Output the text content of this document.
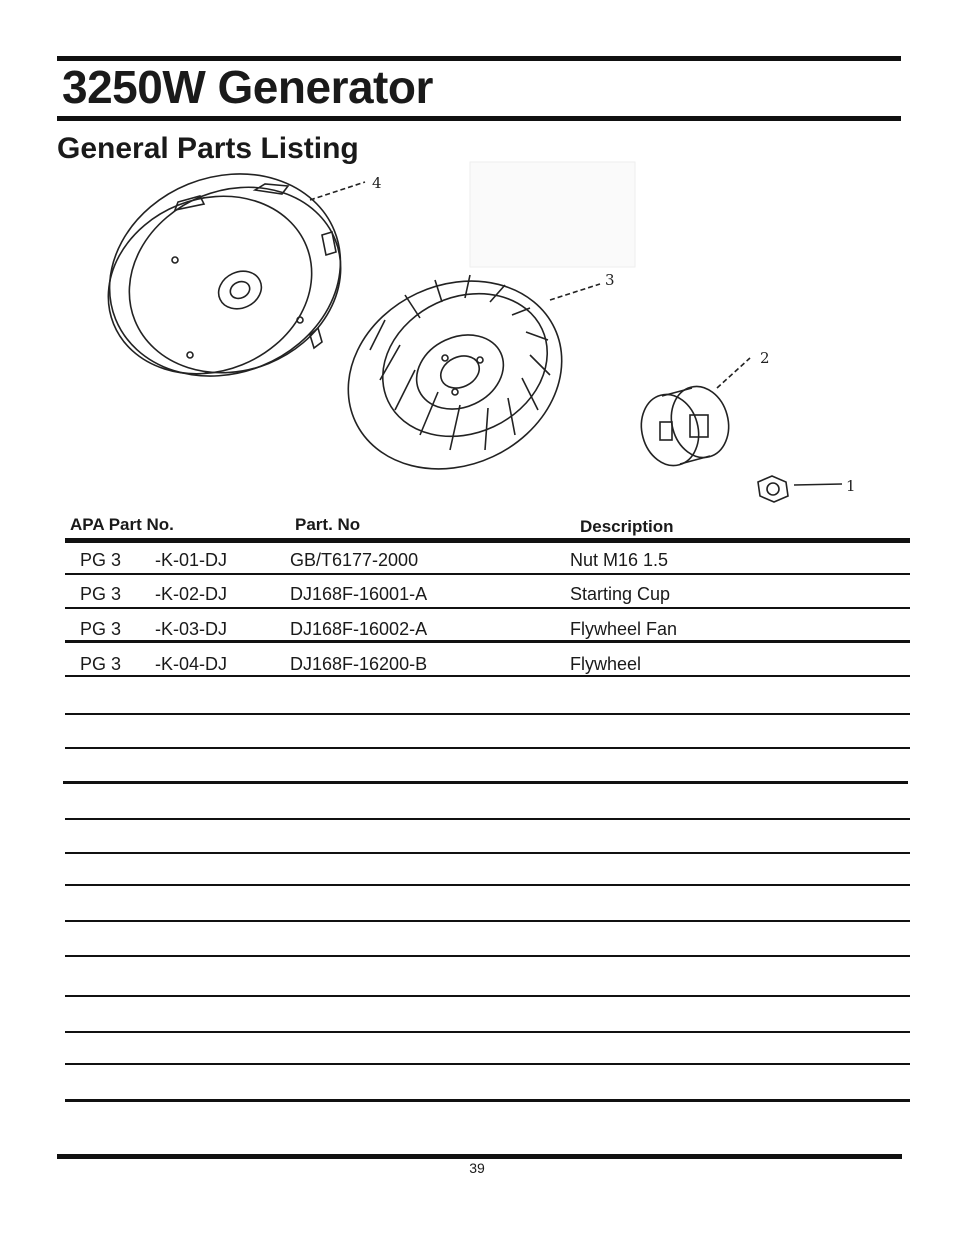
3250W Generator
General Parts Listing
4
3
2
1
APA Part No.	Part. No	Description
PG 3 -K-01-DJ	GB/T6177-2000	Nut M16 1.5
PG 3 -K-02-DJ	DJ168F-16001-A	Starting Cup
PG 3 -K-03-DJ	DJ168F-16002-A	Flywheel Fan
PG 3 -K-04-DJ	DJ168F-16200-B	Flywheel
39
